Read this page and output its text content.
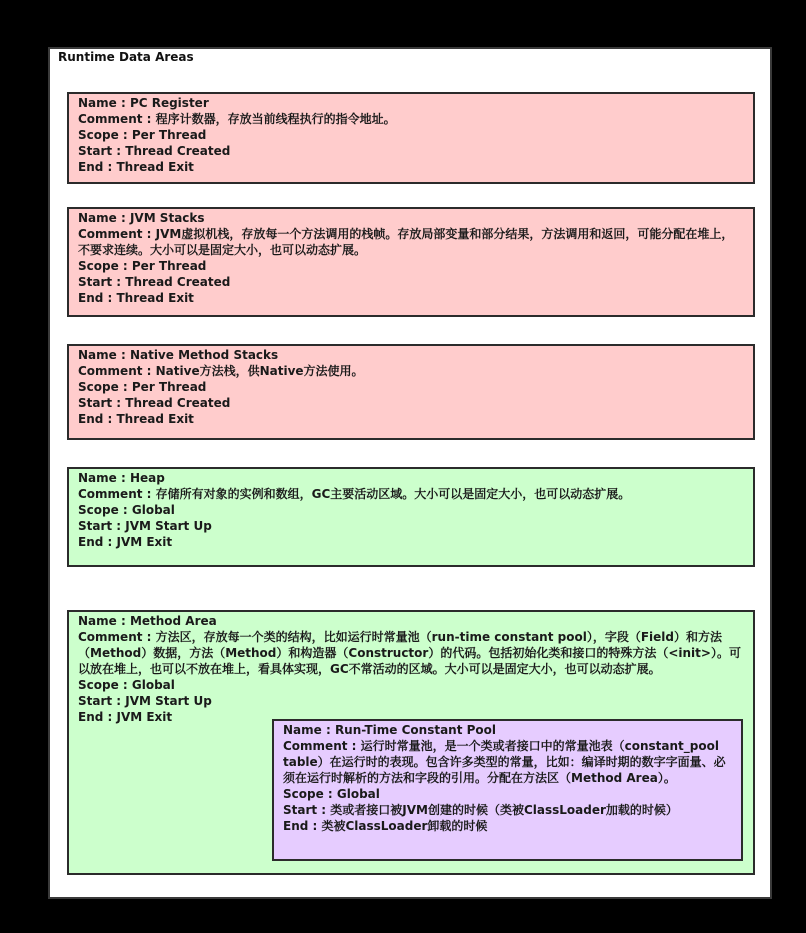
Runtime Data Areas
Name : PC Register
Comment : 程序计数器，存放当前线程执行的指令地址。
Scope : Per Thread
Start : Thread Created
End : Thread Exit
Name : JVM Stacks
Comment : JVM虚拟机栈，存放每一个方法调用的栈帧。存放局部变量和部分结果，方法调用和返回，可能分配在堆上，不要求连续。大小可以是固定大小，也可以动态扩展。
Scope : Per Thread
Start : Thread Created
End : Thread Exit
Name : Native Method Stacks
Comment : Native方法栈，供Native方法使用。
Scope : Per Thread
Start : Thread Created
End : Thread Exit
Name : Heap
Comment : 存储所有对象的实例和数组，GC主要活动区域。大小可以是固定大小，也可以动态扩展。
Scope : Global
Start : JVM Start Up
End : JVM Exit
Name : Method Area
Comment : 方法区，存放每一个类的结构，比如运行时常量池（run-time constant pool），字段（Field）和方法（Method）数据，方法（Method）和构造器（Constructor）的代码。包括初始化类和接口的特殊方法（<init>）。可以放在堆上，也可以不放在堆上，看具体实现，GC不常活动的区域。大小可以是固定大小，也可以动态扩展。
Scope : Global
Start : JVM Start Up
End : JVM Exit
Name : Run-Time Constant Pool
Comment : 运行时常量池，是一个类或者接口中的常量池表（constant_pool table）在运行时的表现。包含许多类型的常量，比如：编译时期的数字字面量、必须在运行时解析的方法和字段的引用。分配在方法区（Method Area）。
Scope : Global
Start : 类或者接口被JVM创建的时候（类被ClassLoader加载的时候）
End : 类被ClassLoader卸载的时候
